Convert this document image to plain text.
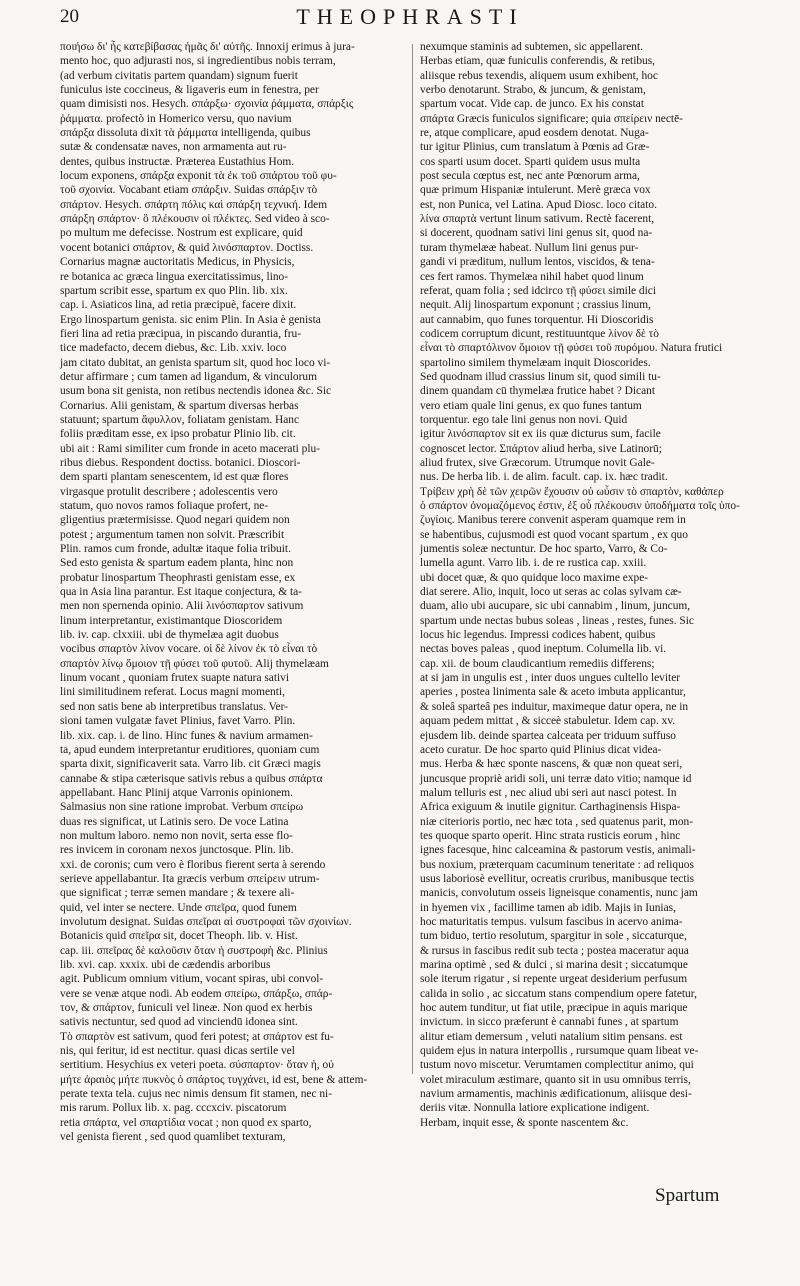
20	THEOPHRASTI
ποιήσω δι' ἧς κατεβίβασας ἡμᾶς δι' αὐτῆς. Innoxij erimus à jura-
mento hoc, quo adjurasti nos, si ingredientibus nobis terram,
(ad verbum civitatis partem quandam) signum fuerit
funiculus iste coccineus, & ligaveris eum in fenestra, per
quam dimisisti nos. Hesych. σπάρξω· σχοινία ῥάμματα, σπάρξις
ῥάμματα. profectò in Homerico versu, quo navium
σπάρξα dissoluta dixit τὰ ῥάμματα intelligenda, quibus
sutæ & condensatæ naves, non armamenta aut ru-
dentes, quibus instructæ. Præterea Eustathius Hom.
locum exponens, σπάρξα exponit τὰ ἐκ τοῦ σπάρτου τοῦ φυ-
τοῦ σχοινία. Vocabant etiam σπάρξιν. Suidas σπάρξιν τὸ
σπάρτον. Hesych. σπάρτη πόλις καὶ σπάρξη τεχνική. Idem
σπάρξη σπάρτον· ὃ πλέκουσιν οἱ πλέκτες. Sed video à sco-
po multum me defecisse. Nostrum est explicare, quid
vocent botanici σπάρτον, & quid λινόσπαρτον. Doctiss.
Cornarius magnæ auctoritatis Medicus, in Physicis,
re botanica ac græca lingua exercitatissimus, lino-
spartum scribit esse, spartum ex quo Plin. lib. xix.
cap. i. Asiaticos lina, ad retia præcipuè, facere dixit.
Ergo linospartum genista. sic enim Plin. In Asia è genista
fieri lina ad retia præcipua, in piscando durantia, fru-
tice madefacto, decem diebus, &c. Lib. xxiv. loco
jam citato dubitat, an genista spartum sit, quod hoc loco vi-
detur affirmare ; cum tamen ad ligandum, & vinculorum
usum bona sit genista, non retibus nectendis idonea &c. Sic
Cornarius. Alii genistam, & spartum diversas herbas
statuunt; spartum ἄφυλλον, foliatam genistam. Hanc
foliis præditam esse, ex ipso probatur Plinio lib. cit.
ubi ait : Rami similiter cum fronde in aceto macerati plu-
ribus diebus. Respondent doctiss. botanici. Dioscori-
dem sparti plantam senescentem, id est quæ flores
virgasque protulit describere ; adolescentis vero
statum, quo novos ramos foliaque profert, ne-
gligentius prætermisisse. Quod negari quidem non
potest ; argumentum tamen non solvit. Præscribit
Plin. ramos cum fronde, adultæ itaque folia tribuit.
Sed esto genista & spartum eadem planta, hinc non
probatur linospartum Theophrasti genistam esse, ex
qua in Asia lina parantur. Est itaque conjectura, & ta-
men non spernenda opinio. Alii λινόσπαρτον sativum
linum interpretantur, existimantque Dioscoridem
lib. iv. cap. clxxiii. ubi de thymelæa agit duobus
vocibus σπαρτὸν λίνον vocare. οἱ δὲ λίνον ἐκ τὸ εἶναι τὸ
σπαρτὸν λίνῳ ὅμοιον τῇ φύσει τοῦ φυτοῦ. Alij thymelæam
linum vocant , quoniam frutex suapte natura sativi
lini similitudinem referat. Locus magni momenti,
sed non satis bene ab interpretibus translatus. Ver-
sioni tamen vulgatæ favet Plinius, favet Varro. Plin.
lib. xix. cap. i. de lino. Hinc funes & navium armamen-
ta, apud eundem interpretantur eruditiores, quoniam cum
sparta dixit, significaverit sata. Varro lib. cit Græci magis
cannabe & stipa cæterisque sativis rebus a quibus σπάρτα
appellabant. Hanc Plinij atque Varronis opinionem.
Salmasius non sine ratione improbat. Verbum σπείρω
duas res significat, ut Latinis sero. De voce Latina
non multum laboro. nemo non novit, serta esse flo-
res invicem in coronam nexos junctosque. Plin. lib.
xxi. de coronis; cum vero è floribus fierent serta à serendo
serieve appellabantur. Ita græcis verbum σπείρειν utrum-
que significat ; terræ semen mandare ; & texere ali-
quid, vel inter se nectere. Unde σπεῖρα, quod funem
involutum designat. Suidas σπεῖραι αἱ συστροφαὶ τῶν σχοινίων.
Botanicis quid σπεῖρα sit, docet Theoph. lib. v. Hist.
cap. iii. σπεῖρας δὲ καλοῦσιν ὅταν ἡ συστροφὴ &c. Plinius
lib. xvi. cap. xxxix. ubi de cædendis arboribus
agit. Publicum omnium vitium, vocant spiras, ubi convol-
vere se venæ atque nodi. Ab eodem σπείρω, σπάρξω, σπάρ-
τον, & σπάρτον, funiculi vel lineæ. Non quod ex herbis
sativis nectuntur, sed quod ad vinciendū idonea sint.
Τὸ σπαρτὸν est sativum, quod feri potest; at σπάρτον est fu-
nis, qui feritur, id est nectitur. quasi dicas sertile vel
sertitium. Hesychius ex veteri poeta. σύσπαρτον· ὅταν ἡ, οὐ
μήτε ἀραιὸς μήτε πυκνὸς ὁ σπάρτος τυγχάνει, id est, bene & attem-
perate texta tela. cujus nec nimis densum fit stamen, nec ni-
mis rarum. Pollux lib. x. pag. cccxciv. piscatorum
retia σπάρτα, vel σπαρτίδια vocat ; non quod ex sparto,
vel genista fierent , sed quod quamlibet texturam,
nexumque staminis ad subtemen, sic appellarent.
Herbas etiam, quæ funiculis conferendis, & retibus,
aliisque rebus texendis, aliquem usum exhibent, hoc
verbo denotarunt. Strabo, & juncum, & genistam,
spartum vocat. Vide cap. de junco. Ex his constat
σπάρτα Græcis funiculos significare; quia σπείρειν nectē-
re, atque complicare, apud eosdem denotat. Nuga-
tur igitur Plinius, cum translatum à Pœnis ad Græ-
cos sparti usum docet. Sparti quidem usus multa
post secula cœptus est, nec ante Pœnorum arma,
quæ primum Hispaniæ intulerunt. Merè græca vox
est, non Punica, vel Latina. Apud Diosc. loco citato.
λίνα σπαρτὰ vertunt linum sativum. Rectè facerent,
si docerent, quodnam sativi lini genus sit, quod na-
turam thymelææ habeat. Nullum lini genus pur-
gandi vi præditum, nullum lentos, viscidos, & tena-
ces fert ramos. Thymelæa nihil habet quod linum
referat, quam folia ; sed idcirco τῇ φύσει simile dici
nequit. Alij linospartum exponunt ; crassius linum,
aut cannabim, quo funes torquentur. Hi Dioscoridis
codicem corruptum dicunt, restituuntque λίνον δὲ τὸ
εἶναι τὸ σπαρτόλινον ὅμοιον τῇ φύσει τοῦ πυρόμου. Natura frutici
spartolino similem thymelæam inquit Dioscorides.
Sed quodnam illud crassius linum sit, quod simili tu-
dinem quandam cū thymelæa frutice habet ? Dicant
vero etiam quale lini genus, ex quo funes tantum
torquentur. ego tale lini genus non novi. Quid
igitur λινόσπαρτον sit ex iis quæ dicturus sum, facile
cognoscet lector. Σπάρτον aliud herba, sive Latinorū;
aliud frutex, sive Græcorum. Utrumque novit Gale-
nus. De herba lib. i. de alim. facult. cap. ix. hæc tradit.
Τρίβειν χρὴ δὲ τῶν χειρῶν ἔχουσιν οὐ ωὖσιν τὸ σπαρτὸν, καθάπερ
ὁ σπάρτον ὀνομαζόμενος ἐστιν, ἐξ οὗ πλέκουσιν ὑποδήματα τοῖς ὑπο-
ζυγίοις. Manibus terere convenit asperam quamque rem in
se habentibus, cujusmodi est quod vocant spartum , ex quo
jumentis soleæ nectuntur. De hoc sparto, Varro, & Co-
lumella agunt. Varro lib. i. de re rustica cap. xxiii.
ubi docet quæ, & quo quidque loco maxime expe-
diat serere. Alio, inquit, loco ut seras ac colas sylvam cæ-
duam, alio ubi aucupare, sic ubi cannabim , linum, juncum,
spartum unde nectas bubus soleas , lineas , restes, funes. Sic
locus hic legendus. Impressi codices habent, quibus
nectas boves paleas , quod ineptum. Columella lib. vi.
cap. xii. de boum claudicantium remediis differens;
at si jam in ungulis est , inter duos ungues cultello leviter
aperies , postea linimenta sale & aceto imbuta applicantur,
& soleâ sparteâ pes induitur, maximeque datur opera, ne in
aquam pedem mittat , & sicceè stabuletur. Idem cap. xv.
ejusdem lib. deinde spartea calceata per triduum suffuso
aceto curatur. De hoc sparto quid Plinius dicat videa-
mus. Herba & hæc sponte nascens, & quæ non queat seri,
juncusque propriè aridi soli, uni terræ dato vitio; namque id
malum telluris est , nec aliud ubi seri aut nasci potest. In
Africa exiguum & inutile gignitur. Carthaginensis Hispa-
niæ citerioris portio, nec hæc tota , sed quatenus parit, mon-
tes quoque sparto operit. Hinc strata rusticis eorum , hinc
ignes facesque, hinc calceamina & pastorum vestis, animali-
bus noxium, præterquam cacuminum teneritate : ad reliquos
usus laboriosè evellitur, ocreatis cruribus, manibusque tectis
manicis, convolutum osseis ligneisque conamentis, nunc jam
in hyemen vix , facillime tamen ab idib. Majis in Iunias,
hoc maturitatis tempus. vulsum fascibus in acervo anima-
tum biduo, tertio resolutum, spargitur in sole , siccaturque,
& rursus in fascibus redit sub tecta ; postea maceratur aqua
marina optimè , sed & dulci , si marina desit ; siccatumque
sole iterum rigatur , si repente urgeat desiderium perfusum
calida in solio , ac siccatum stans compendium opere fatetur,
hoc autem tunditur, ut fiat utile, præcipue in aquis marique
invictum. in sicco præferunt è cannabi funes , at spartum
alitur etiam demersum , veluti natalium sitim pensans. est
quidem ejus in natura interpollis , rursumque quam libeat ve-
tustum novo miscetur. Verumtamen complectitur animo, qui
volet miraculum æstimare, quanto sit in usu omnibus terris,
navium armamentis, machinis ædificationum, aliisque desi-
deriis vitæ. Nonnulla latiore explicatione indigent.
Herbam, inquit esse, & sponte nascentem &c.
Spartum
